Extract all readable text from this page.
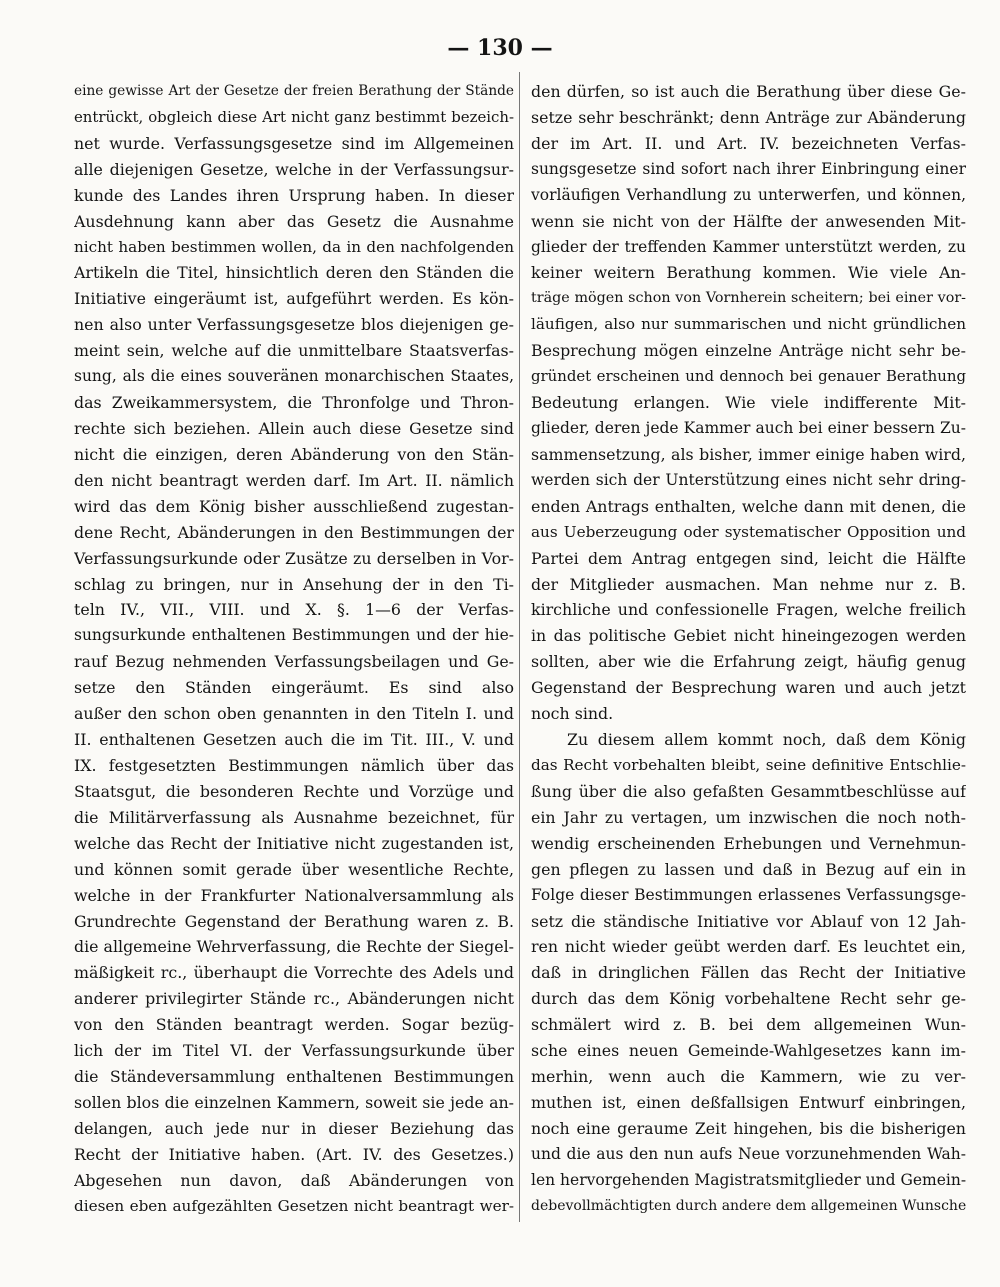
— 130 —
eine gewisse Art der Gesetze der freien Berathung der Stände
entrückt, obgleich diese Art nicht ganz bestimmt bezeich-
net wurde. Verfassungsgesetze sind im Allgemeinen
alle diejenigen Gesetze, welche in der Verfassungsur-
kunde des Landes ihren Ursprung haben. In dieser
Ausdehnung kann aber das Gesetz die Ausnahme
nicht haben bestimmen wollen, da in den nachfolgenden
Artikeln die Titel, hinsichtlich deren den Ständen die
Initiative eingeräumt ist, aufgeführt werden. Es kön-
nen also unter Verfassungsgesetze blos diejenigen ge-
meint sein, welche auf die unmittelbare Staatsverfas-
sung, als die eines souveränen monarchischen Staates,
das Zweikammersystem, die Thronfolge und Thron-
rechte sich beziehen. Allein auch diese Gesetze sind
nicht die einzigen, deren Abänderung von den Stän-
den nicht beantragt werden darf. Im Art. II. nämlich
wird das dem König bisher ausschließend zugestan-
dene Recht, Abänderungen in den Bestimmungen der
Verfassungsurkunde oder Zusätze zu derselben in Vor-
schlag zu bringen, nur in Ansehung der in den Ti-
teln IV., VII., VIII. und X. §. 1—6 der Verfas-
sungsurkunde enthaltenen Bestimmungen und der hie-
rauf Bezug nehmenden Verfassungsbeilagen und Ge-
setze den Ständen eingeräumt. Es sind also
außer den schon oben genannten in den Titeln I. und
II. enthaltenen Gesetzen auch die im Tit. III., V. und
IX. festgesetzten Bestimmungen nämlich über das
Staatsgut, die besonderen Rechte und Vorzüge und
die Militärverfassung als Ausnahme bezeichnet, für
welche das Recht der Initiative nicht zugestanden ist,
und können somit gerade über wesentliche Rechte,
welche in der Frankfurter Nationalversammlung als
Grundrechte Gegenstand der Berathung waren z. B.
die allgemeine Wehrverfassung, die Rechte der Siegel-
mäßigkeit rc., überhaupt die Vorrechte des Adels und
anderer privilegirter Stände rc., Abänderungen nicht
von den Ständen beantragt werden. Sogar bezüg-
lich der im Titel VI. der Verfassungsurkunde über
die Ständeversammlung enthaltenen Bestimmungen
sollen blos die einzelnen Kammern, soweit sie jede an-
delangen, auch jede nur in dieser Beziehung das
Recht der Initiative haben. (Art. IV. des Gesetzes.)
Abgesehen nun davon, daß Abänderungen von
diesen eben aufgezählten Gesetzen nicht beantragt wer-
den dürfen, so ist auch die Berathung über diese Ge-
setze sehr beschränkt; denn Anträge zur Abänderung
der im Art. II. und Art. IV. bezeichneten Verfas-
sungsgesetze sind sofort nach ihrer Einbringung einer
vorläufigen Verhandlung zu unterwerfen, und können,
wenn sie nicht von der Hälfte der anwesenden Mit-
glieder der treffenden Kammer unterstützt werden, zu
keiner weitern Berathung kommen. Wie viele An-
träge mögen schon von Vornherein scheitern; bei einer vor-
läufigen, also nur summarischen und nicht gründlichen
Besprechung mögen einzelne Anträge nicht sehr be-
gründet erscheinen und dennoch bei genauer Berathung
Bedeutung erlangen. Wie viele indifferente Mit-
glieder, deren jede Kammer auch bei einer bessern Zu-
sammensetzung, als bisher, immer einige haben wird,
werden sich der Unterstützung eines nicht sehr dring-
enden Antrags enthalten, welche dann mit denen, die
aus Ueberzeugung oder systematischer Opposition und
Partei dem Antrag entgegen sind, leicht die Hälfte
der Mitglieder ausmachen. Man nehme nur z. B.
kirchliche und confessionelle Fragen, welche freilich
in das politische Gebiet nicht hineingezogen werden
sollten, aber wie die Erfahrung zeigt, häufig genug
Gegenstand der Besprechung waren und auch jetzt
noch sind.
Zu diesem allem kommt noch, daß dem König
das Recht vorbehalten bleibt, seine definitive Entschlie-
ßung über die also gefaßten Gesammtbeschlüsse auf
ein Jahr zu vertagen, um inzwischen die noch noth-
wendig erscheinenden Erhebungen und Vernehmun-
gen pflegen zu lassen und daß in Bezug auf ein in
Folge dieser Bestimmungen erlassenes Verfassungsge-
setz die ständische Initiative vor Ablauf von 12 Jah-
ren nicht wieder geübt werden darf. Es leuchtet ein,
daß in dringlichen Fällen das Recht der Initiative
durch das dem König vorbehaltene Recht sehr ge-
schmälert wird z. B. bei dem allgemeinen Wun-
sche eines neuen Gemeinde-Wahlgesetzes kann im-
merhin, wenn auch die Kammern, wie zu ver-
muthen ist, einen deßfallsigen Entwurf einbringen,
noch eine geraume Zeit hingehen, bis die bisherigen
und die aus den nun aufs Neue vorzunehmenden Wah-
len hervorgehenden Magistratsmitglieder und Gemein-
debevollmächtigten durch andere dem allgemeinen Wunsche
